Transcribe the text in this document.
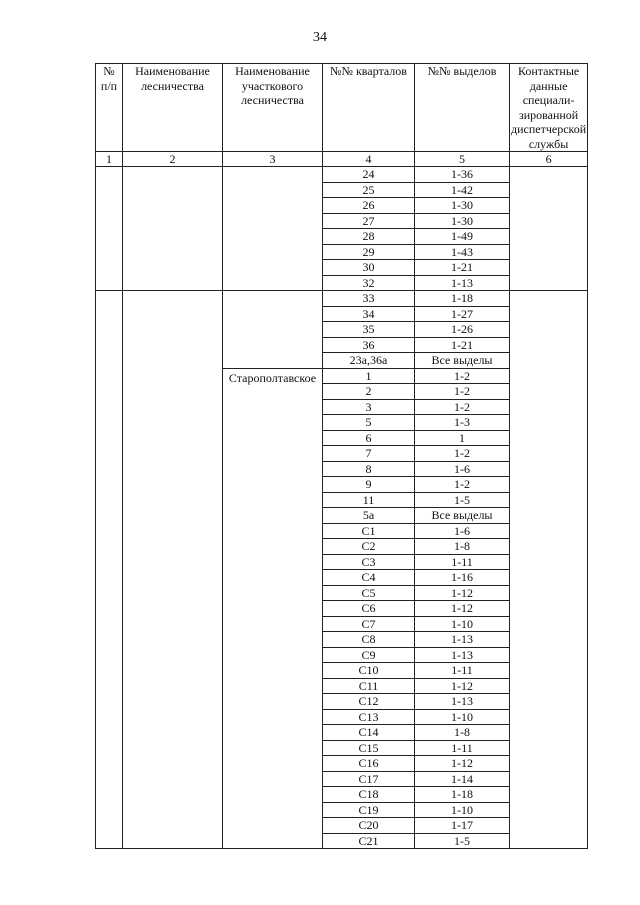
34
№ п/п	Наименование лесничества	Наименование участкового лесничества	№№ кварталов	№№ выделов	Контактные данные специали-зированной диспетчерской службы
1	2	3	4	5	6
			24	1-36	
			25	1-42	
			26	1-30	
			27	1-30	
			28	1-49	
			29	1-43	
			30	1-21	
			32	1-13	
			33	1-18	
			34	1-27	
			35	1-26	
			36	1-21	
			23а,36а	Все выделы	
		Старополтавское	1	1-2	
			2	1-2	
			3	1-2	
			5	1-3	
			6	1	
			7	1-2	
			8	1-6	
			9	1-2	
			11	1-5	
			5а	Все выделы	
			С1	1-6	
			С2	1-8	
			С3	1-11	
			С4	1-16	
			С5	1-12	
			С6	1-12	
			С7	1-10	
			С8	1-13	
			С9	1-13	
			С10	1-11	
			С11	1-12	
			С12	1-13	
			С13	1-10	
			С14	1-8	
			С15	1-11	
			С16	1-12	
			С17	1-14	
			С18	1-18	
			С19	1-10	
			С20	1-17	
			С21	1-5	
